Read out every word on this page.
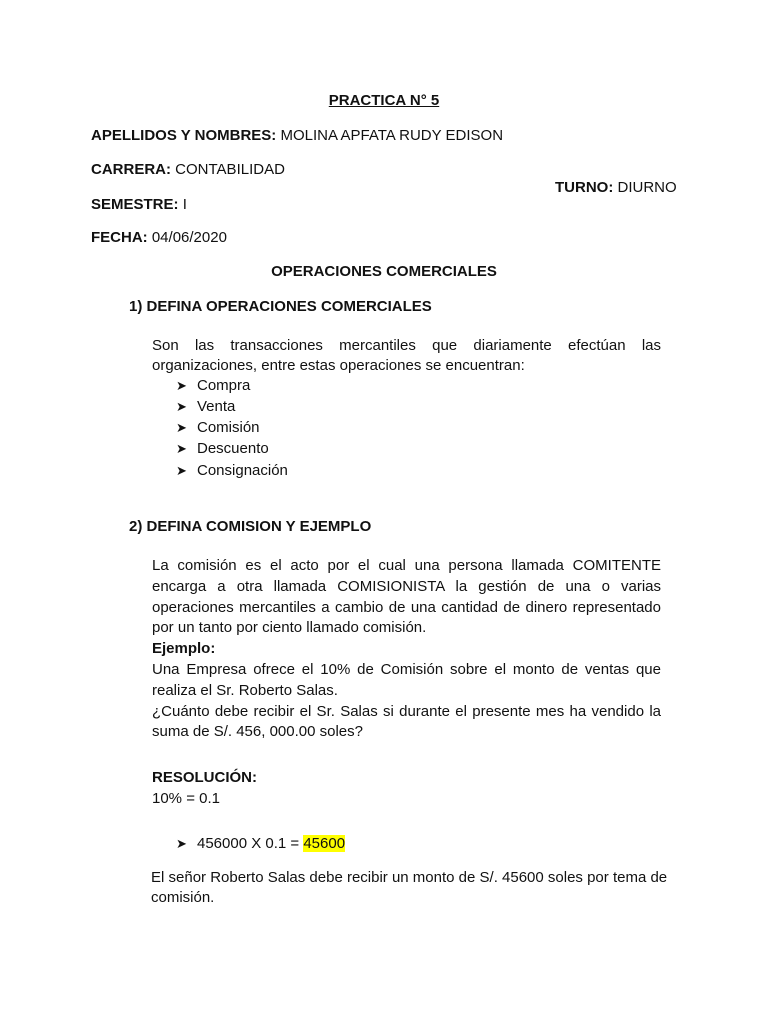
PRACTICA N° 5
APELLIDOS Y NOMBRES: MOLINA APFATA RUDY EDISON
CARRERA: CONTABILIDAD
TURNO: DIURNO
SEMESTRE: I
FECHA: 04/06/2020
OPERACIONES COMERCIALES
1) DEFINA OPERACIONES COMERCIALES

Son las transacciones mercantiles que diariamente efectúan las organizaciones, entre estas operaciones se encuentran:

➤ Compra
➤ Venta
➤ Comisión
➤ Descuento
➤ Consignación
2) DEFINA COMISION Y EJEMPLO

La comisión es el acto por el cual una persona llamada COMITENTE encarga a otra llamada COMISIONISTA la gestión de una o varias operaciones mercantiles a cambio de una cantidad de dinero representado por un tanto por ciento llamado comisión.

Ejemplo:

Una Empresa ofrece el 10% de Comisión sobre el monto de ventas que realiza el Sr. Roberto Salas.

¿Cuánto debe recibir el Sr. Salas si durante el presente mes ha vendido la suma de S/. 456, 000.00 soles?

RESOLUCIÓN:
10% = 0.1
➤ 456000 X 0.1 = 45600

El señor Roberto Salas debe recibir un monto de S/. 45600 soles por tema de comisión.
